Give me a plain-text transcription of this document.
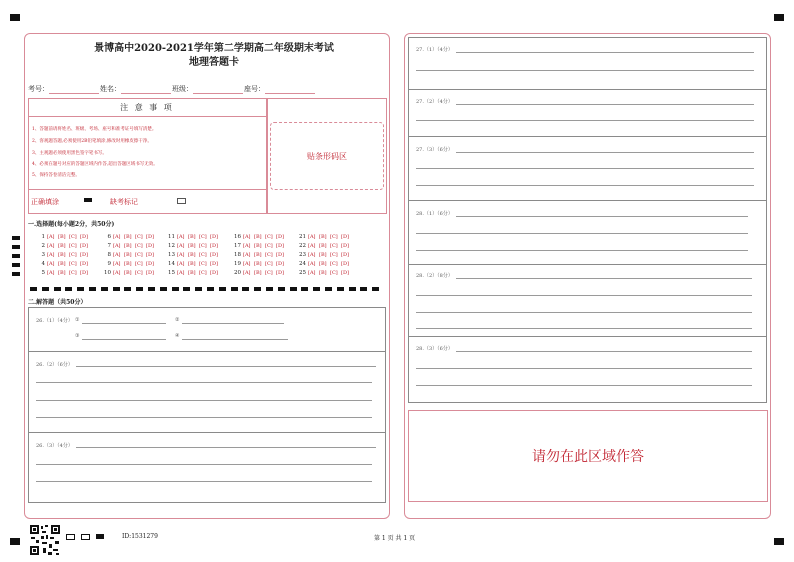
景博高中2020-2021学年第二学期高二年级期末考试
地理答题卡
考号：	姓名：	班级：	座号：
注 意 事 项
1、答题前请将姓名、班级、考场、座号和准考证号填写清楚。
2、客观题答题,必须使用2B铅笔填涂,修改时用橡皮擦干净。
3、主观题必须使用黑色签字笔书写。
4、必须在题号对应的答题区域内作答,超出答题区域书写无效。
5、保持答卷清洁完整。
正确填涂	缺考标记
贴条形码区
一.选择题(每小题2分，共50分)
1 [A] [B] [C] [D]
2 [A] [B] [C] [D]
3 [A] [B] [C] [D]
4 [A] [B] [C] [D]
5 [A] [B] [C] [D]
6 [A] [B] [C] [D]
7 [A] [B] [C] [D]
8 [A] [B] [C] [D]
9 [A] [B] [C] [D]
10 [A] [B] [C] [D]
11 [A] [B] [C] [D]
12 [A] [B] [C] [D]
13 [A] [B] [C] [D]
14 [A] [B] [C] [D]
15 [A] [B] [C] [D]
16 [A] [B] [C] [D]
17 [A] [B] [C] [D]
18 [A] [B] [C] [D]
19 [A] [B] [C] [D]
20 [A] [B] [C] [D]
21 [A] [B] [C] [D]
22 [A] [B] [C] [D]
23 [A] [B] [C] [D]
24 [A] [B] [C] [D]
25 [A] [B] [C] [D]
二.解答题（共50分）
26.（1）（4分） ①	②
③	④
26.（2）（6分）
26.（3）（4分）
27.（1）（4分）
27.（2）（4分）
27.（3）（6分）
28.（1）（6分）
28.（2）（8分）
28.（3）（6分）
请勿在此区域作答
ID:1531279	第 1 页 共 1 页
